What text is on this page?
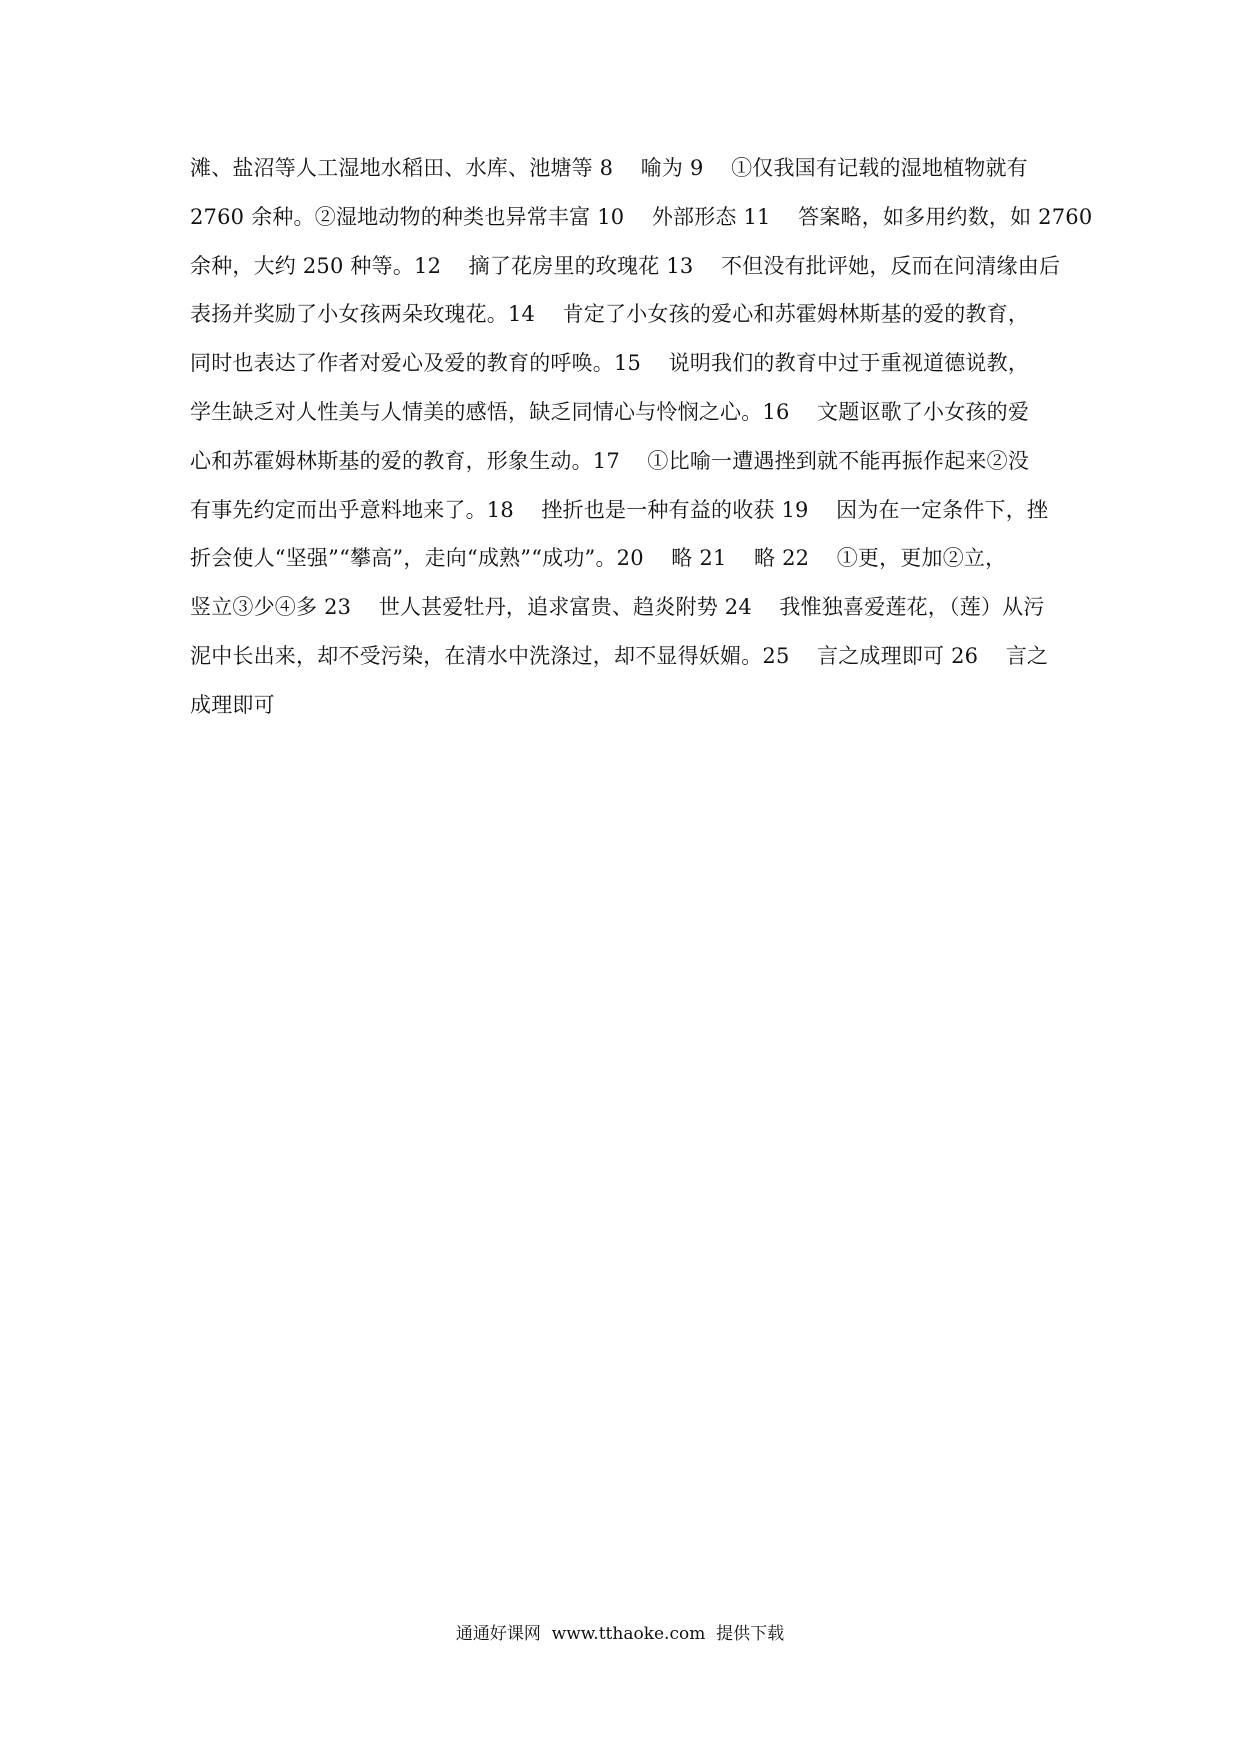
滩、盐沼等人工湿地水稻田、水库、池塘等 8    喻为 9    ①仅我国有记载的湿地植物就有
2760 余种。②湿地动物的种类也异常丰富 10    外部形态 11    答案略，如多用约数，如 2760
余种，大约 250 种等。12    摘了花房里的玫瑰花 13    不但没有批评她，反而在问清缘由后
表扬并奖励了小女孩两朵玫瑰花。14    肯定了小女孩的爱心和苏霍姆林斯基的爱的教育，
同时也表达了作者对爱心及爱的教育的呼唤。15    说明我们的教育中过于重视道德说教，
学生缺乏对人性美与人情美的感悟，缺乏同情心与怜悯之心。16    文题讴歌了小女孩的爱
心和苏霍姆林斯基的爱的教育，形象生动。17    ①比喻一遭遇挫到就不能再振作起来②没
有事先约定而出乎意料地来了。18    挫折也是一种有益的收获 19    因为在一定条件下，挫
折会使人“坚强”“攀高”，走向“成熟”“成功”。20    略 21    略 22    ①更，更加②立，
竖立③少④多 23    世人甚爱牡丹，追求富贵、趋炎附势 24    我惟独喜爱莲花，（莲）从污
泥中长出来，却不受污染，在清水中洗涤过，却不显得妖媚。25    言之成理即可 26    言之
成理即可
通通好课网  www.tthaoke.com  提供下载
